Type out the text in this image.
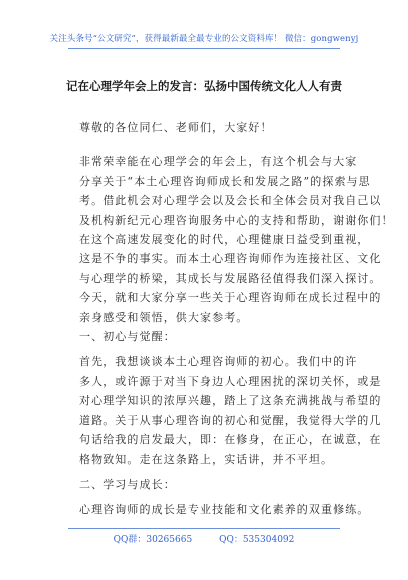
关注头条号“公文研究”，获得最新最全最专业的公文资料库！ 微信：gongwenyj
记在心理学年会上的发言：弘扬中国传统文化人人有责
尊敬的各位同仁、老师们，大家好！
非常荣幸能在心理学会的年会上，有这个机会与大家
分享关于“本土心理咨询师成长和发展之路”的探索与思
考。借此机会对心理学会以及会长和全体会员对我自己以
及机构新纪元心理咨询服务中心的支持和帮助，谢谢你们！
在这个高速发展变化的时代，心理健康日益受到重视，
这是不争的事实。而本土心理咨询师作为连接社区、文化
与心理学的桥梁，其成长与发展路径值得我们深入探讨。
今天，就和大家分享一些关于心理咨询师在成长过程中的
亲身感受和领悟，供大家参考。
一、初心与觉醒：
首先，我想谈谈本土心理咨询师的初心。我们中的许
多人，或许源于对当下身边人心理困扰的深切关怀，或是
对心理学知识的浓厚兴趣，踏上了这条充满挑战与希望的
道路。关于从事心理咨询的初心和觉醒，我觉得大学的几
句话给我的启发最大，即：在修身，在正心，在诚意，在
格物致知。走在这条路上，实话讲，并不平坦。
二、学习与成长：
心理咨询师的成长是专业技能和文化素养的双重修练。
QQ群：30265665	QQ：535304092
